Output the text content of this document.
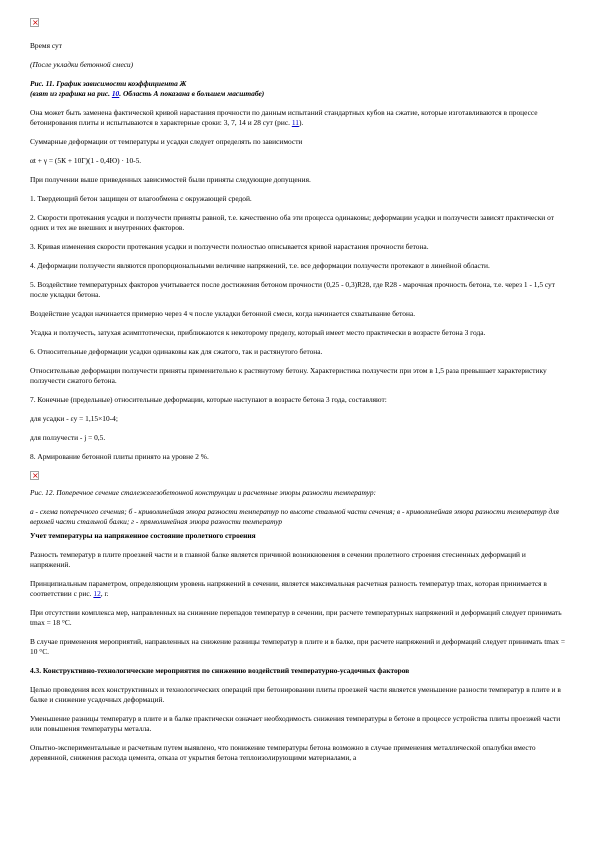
×

Время сут

(После укладки бетонной смеси)

Рис. 11. График зависимости коэффициента Ж

(взят из графика на рис. 10. Область А показана в большем масштабе)

Она может быть заменена фактической кривой нарастания прочности по данным испытаний стандартных кубов на сжатие, которые изготавливаются в процессе бетонирования плиты и испытываются в характерные сроки: 3, 7, 14 и 28 сут (рис. 11).

Суммарные деформации от температуры и усадки следует определять по зависимости

αt + γ = (5К + 10Г)(1 - 0,4Ю) · 10-5.

При получении выше приведенных зависимостей были приняты следующие допущения.

1. Твердеющий бетон защищен от влагообмена с окружающей средой.

2. Скорости протекания усадки и ползучести приняты равной, т.е. качественно оба эти процесса одинаковы; деформации усадки и ползучести зависят практически от одних и тех же внешних и внутренних факторов.

3. Кривая изменения скорости протекания усадки и ползучести полностью описывается кривой нарастания прочности бетона.

4. Деформации ползучести являются пропорциональными величине напряжений, т.е. все деформации ползучести протекают в линейной области.

5. Воздействие температурных факторов учитывается после достижения бетоном прочности (0,25 - 0,3)R28, где R28 - марочная прочность бетона, т.е. через 1 - 1,5 сут после укладки бетона.

Воздействие усадки начинается примерно через 4 ч после укладки бетонной смеси, когда начинается схватывание бетона.

Усадка и ползучесть, затухая асимптотически, приближаются к некоторому пределу, который имеет место практически в возрасте бетона 3 года.

6. Относительные деформации усадки одинаковы как для сжатого, так и растянутого бетона.

Относительные деформации ползучести приняты применительно к растянутому бетону. Характеристика ползучести при этом в 1,5 раза превышает характеристику ползучести сжатого бетона.

7. Конечные (предельные) относительные деформации, которые наступают в возрасте бетона 3 года, составляют:

для усадки - εу = 1,15×10-4;

для ползучести - j = 0,5.

8. Армирование бетонной плиты принято на уровне 2 %.

×

Рис. 12. Поперечное сечение сталежелезобетонной конструкции и расчетные эпюры разности температур:

а - схема поперечного сечения; б - криволинейная эпюра разности температур по высоте стальной части сечения; в - криволинейная эпюра разности температур для верхней части стальной балки; г - прямолинейная эпюра разности температур

Учет температуры на напряженное состояние пролетного строения

Разность температур в плите проезжей части и в главной балке является причиной возникновения в сечении пролетного строения стесненных деформаций и напряжений.

Принципиальным параметром, определяющим уровень напряжений в сечении, является максимальная расчетная разность температур tmax, которая принимается в соответствии с рис. 12, г.

При отсутствии комплекса мер, направленных на снижение перепадов температур в сечении, при расчете температурных напряжений и деформаций следует принимать tmax = 18 °С.

В случае применения мероприятий, направленных на снижение разницы температур в плите и в балке, при расчете напряжений и деформаций следует принимать tmax = 10 °С.

4.3. Конструктивно-технологические мероприятия по снижению воздействий температурно-усадочных факторов

Целью проведения всех конструктивных и технологических операций при бетонировании плиты проезжей части является уменьшение разности температур в плите и в балке и снижение усадочных деформаций.

Уменьшение разницы температур в плите и в балке практически означает необходимость снижения температуры в бетоне в процессе устройства плиты проезжей части или повышения температуры металла.

Опытно-экспериментальные и расчетным путем выявлено, что понижение температуры бетона возможно в случае применения металлической опалубки вместо деревянной, снижения расхода цемента, отказа от укрытия бетона теплоизолирующими материалами, а
